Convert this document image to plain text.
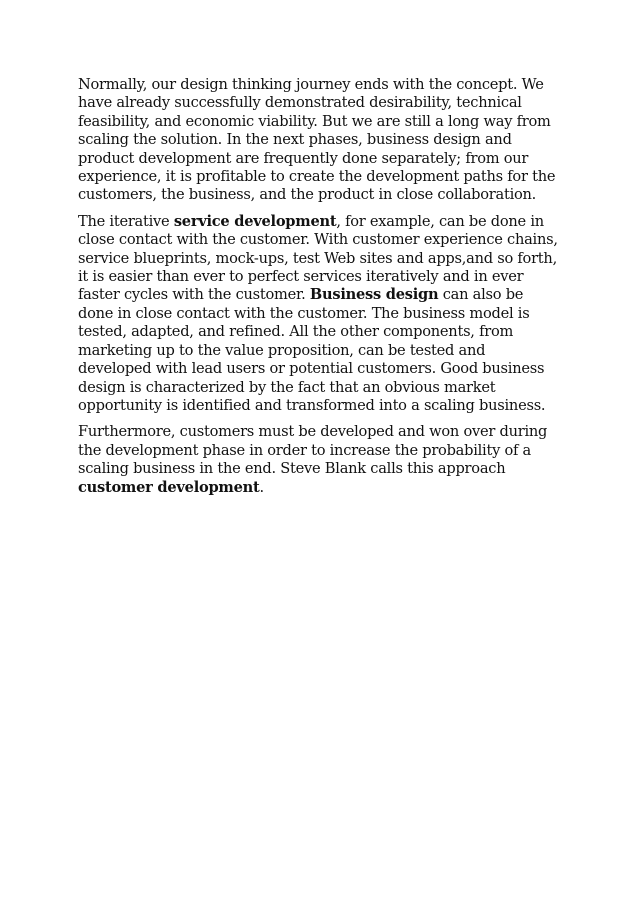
Normally, our design thinking journey ends with the concept. We have already successfully demonstrated desirability, technical feasibility, and economic viability. But we are still a long way from scaling the solution. In the next phases, business design and product development are frequently done separately; from our experience, it is profitable to create the development paths for the customers, the business, and the product in close collaboration.

The iterative service development, for example, can be done in close contact with the customer. With customer experience chains, service blueprints, mock-ups, test Web sites and apps,and so forth, it is easier than ever to perfect services iteratively and in ever faster cycles with the customer. Business design can also be done in close contact with the customer. The business model is tested, adapted, and refined. All the other components, from marketing up to the value proposition, can be tested and developed with lead users or potential customers. Good business design is characterized by the fact that an obvious market opportunity is identified and transformed into a scaling business.

Furthermore, customers must be developed and won over during the development phase in order to increase the probability of a scaling business in the end. Steve Blank calls this approach customer development.
